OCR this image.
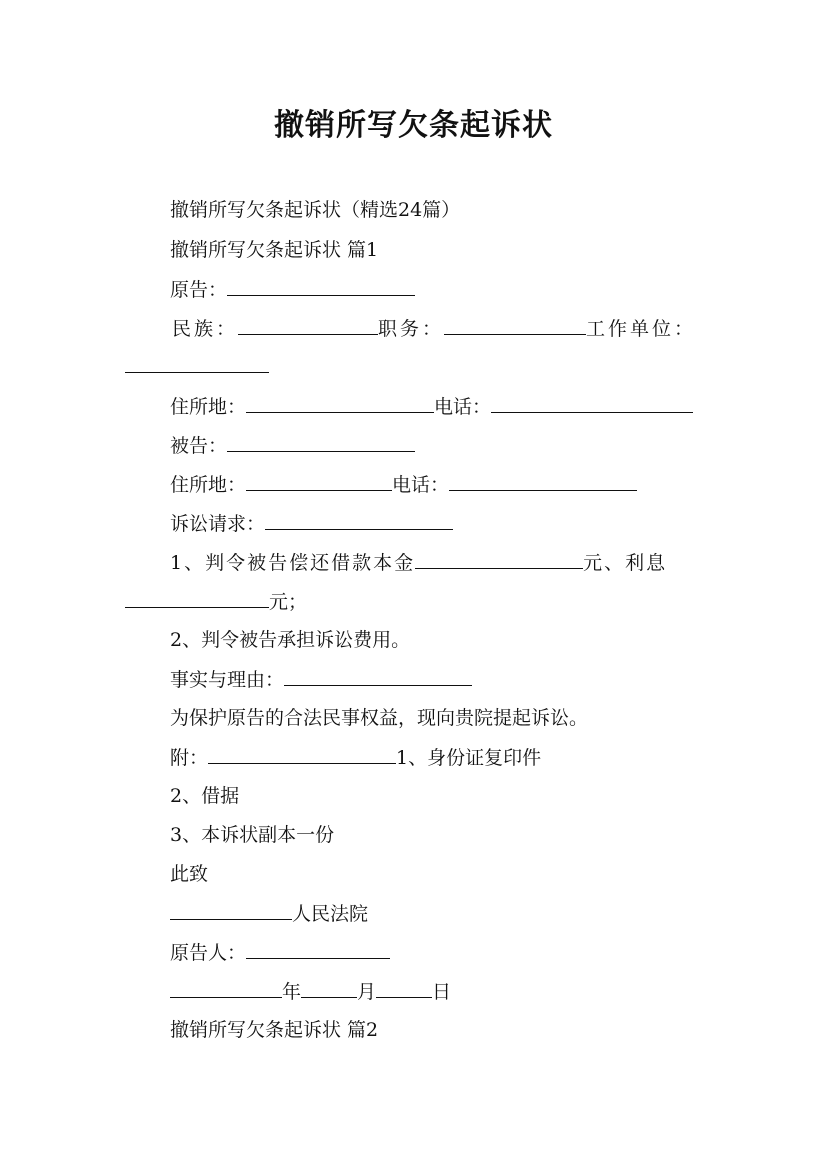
撤销所写欠条起诉状
撤销所写欠条起诉状（精选24篇）
撤销所写欠条起诉状 篇1
原告：
民族：	职务：	工作单位：
住所地：	电话：
被告：
住所地：	电话：
诉讼请求：
1、判令被告偿还借款本金	元、利息
元；
2、判令被告承担诉讼费用。
事实与理由：
为保护原告的合法民事权益，现向贵院提起诉讼。
附：	1、身份证复印件
2、借据
3、本诉状副本一份
此致
人民法院
原告人：
年	月	日
撤销所写欠条起诉状 篇2
